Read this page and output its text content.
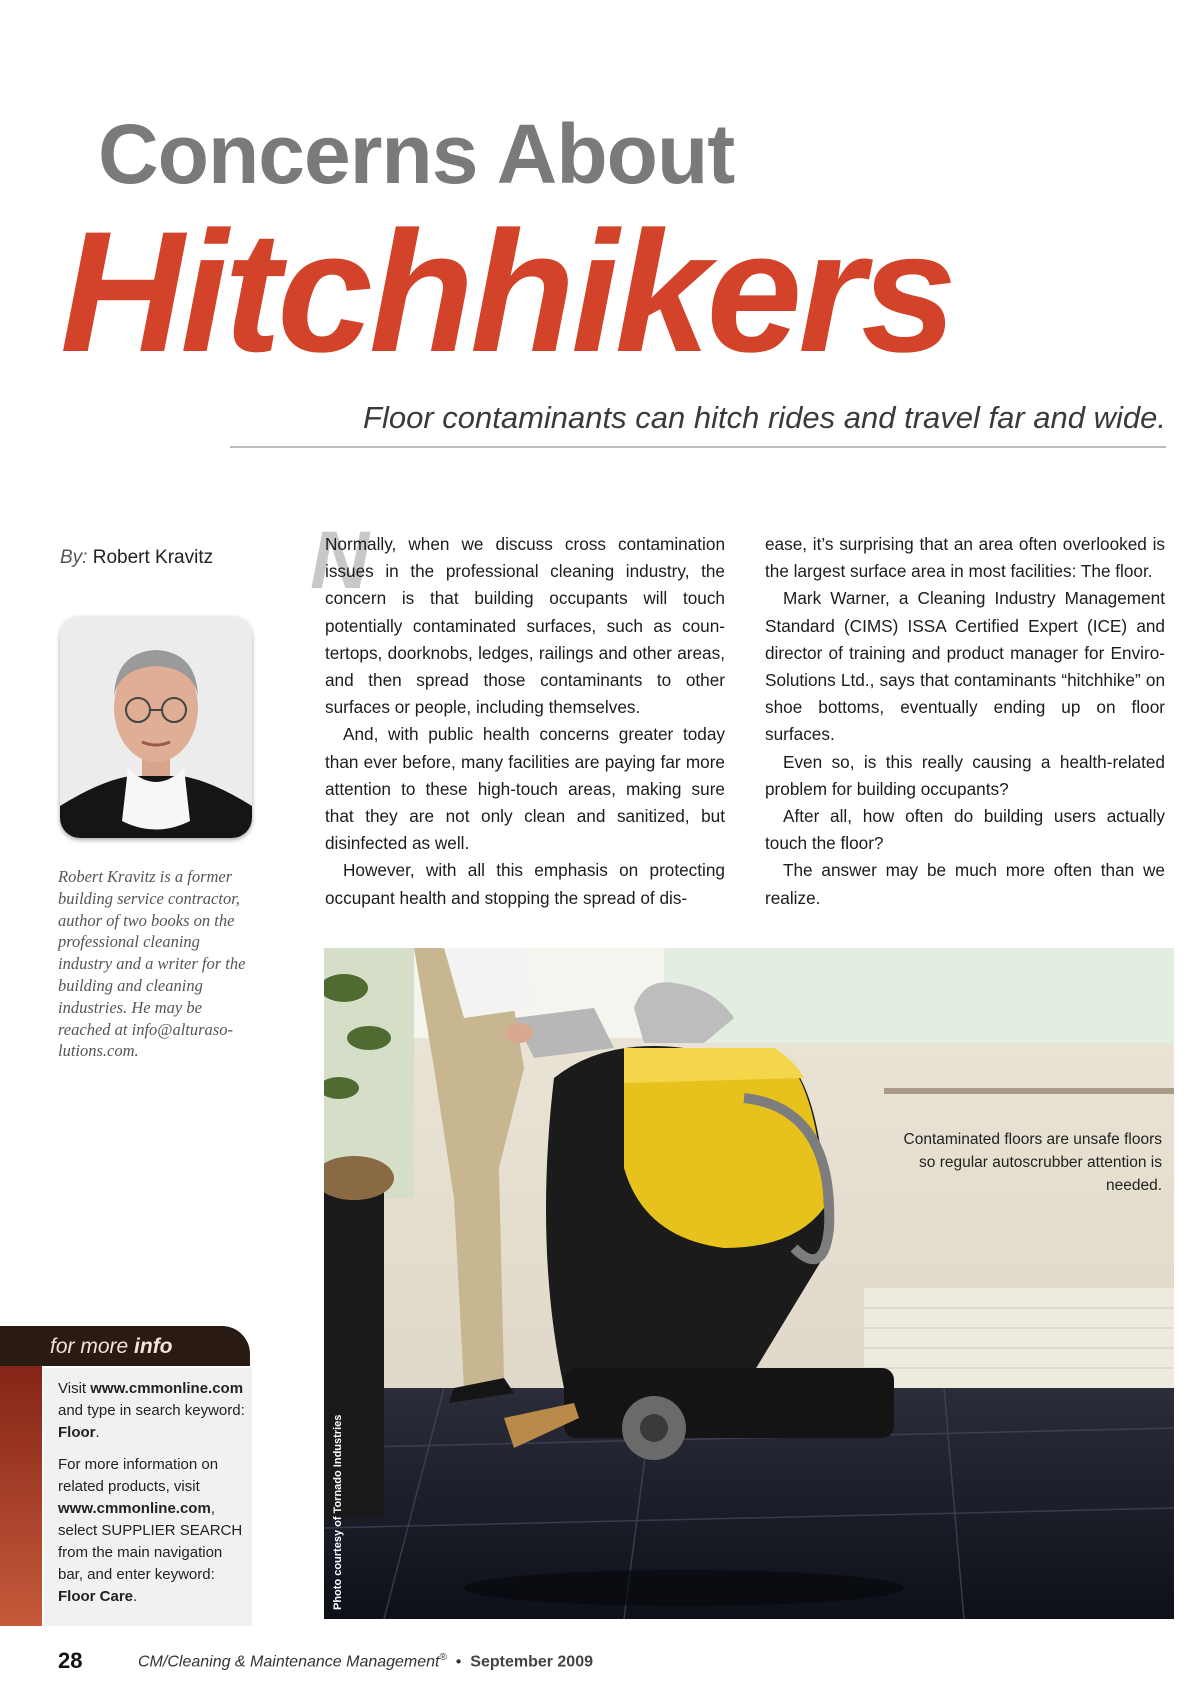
Concerns About
Hitchhikers
Floor contaminants can hitch rides and travel far and wide.
By: Robert Kravitz
Robert Kravitz is a former building service contractor, author of two books on the professional cleaning industry and a writer for the building and cleaning industries. He may be reached at info@alturaso-lutions.com.
N

Normally, when we discuss cross contamination issues in the professional cleaning industry, the concern is that building occupants will touch potentially contaminated surfaces, such as coun-tertops, doorknobs, ledges, railings and other areas, and then spread those contaminants to other surfaces or people, including themselves.

And, with public health concerns greater today than ever before, many facilities are paying far more attention to these high-touch areas, making sure that they are not only clean and sanitized, but disinfected as well.

However, with all this emphasis on protecting occupant health and stopping the spread of dis-

ease, it’s surprising that an area often overlooked is the largest surface area in most facilities: The floor.

Mark Warner, a Cleaning Industry Management Standard (CIMS) ISSA Certified Expert (ICE) and director of training and product manager for Enviro-Solutions Ltd., says that contaminants “hitchhike” on shoe bottoms, eventually ending up on floor surfaces.

Even so, is this really causing a health-related problem for building occupants?

After all, how often do building users actually touch the floor?

The answer may be much more often than we realize.

Contaminated floors are unsafe floors so regular autoscrubber attention is needed.
Photo courtesy of Tornado Industries
for more info

Visit www.cmmonline.com and type in search keyword: Floor.

For more information on related products, visit www.cmmonline.com, select SUPPLIER SEARCH from the main navigation bar, and enter keyword: Floor Care.

28	CM/Cleaning & Maintenance Management® • September 2009
